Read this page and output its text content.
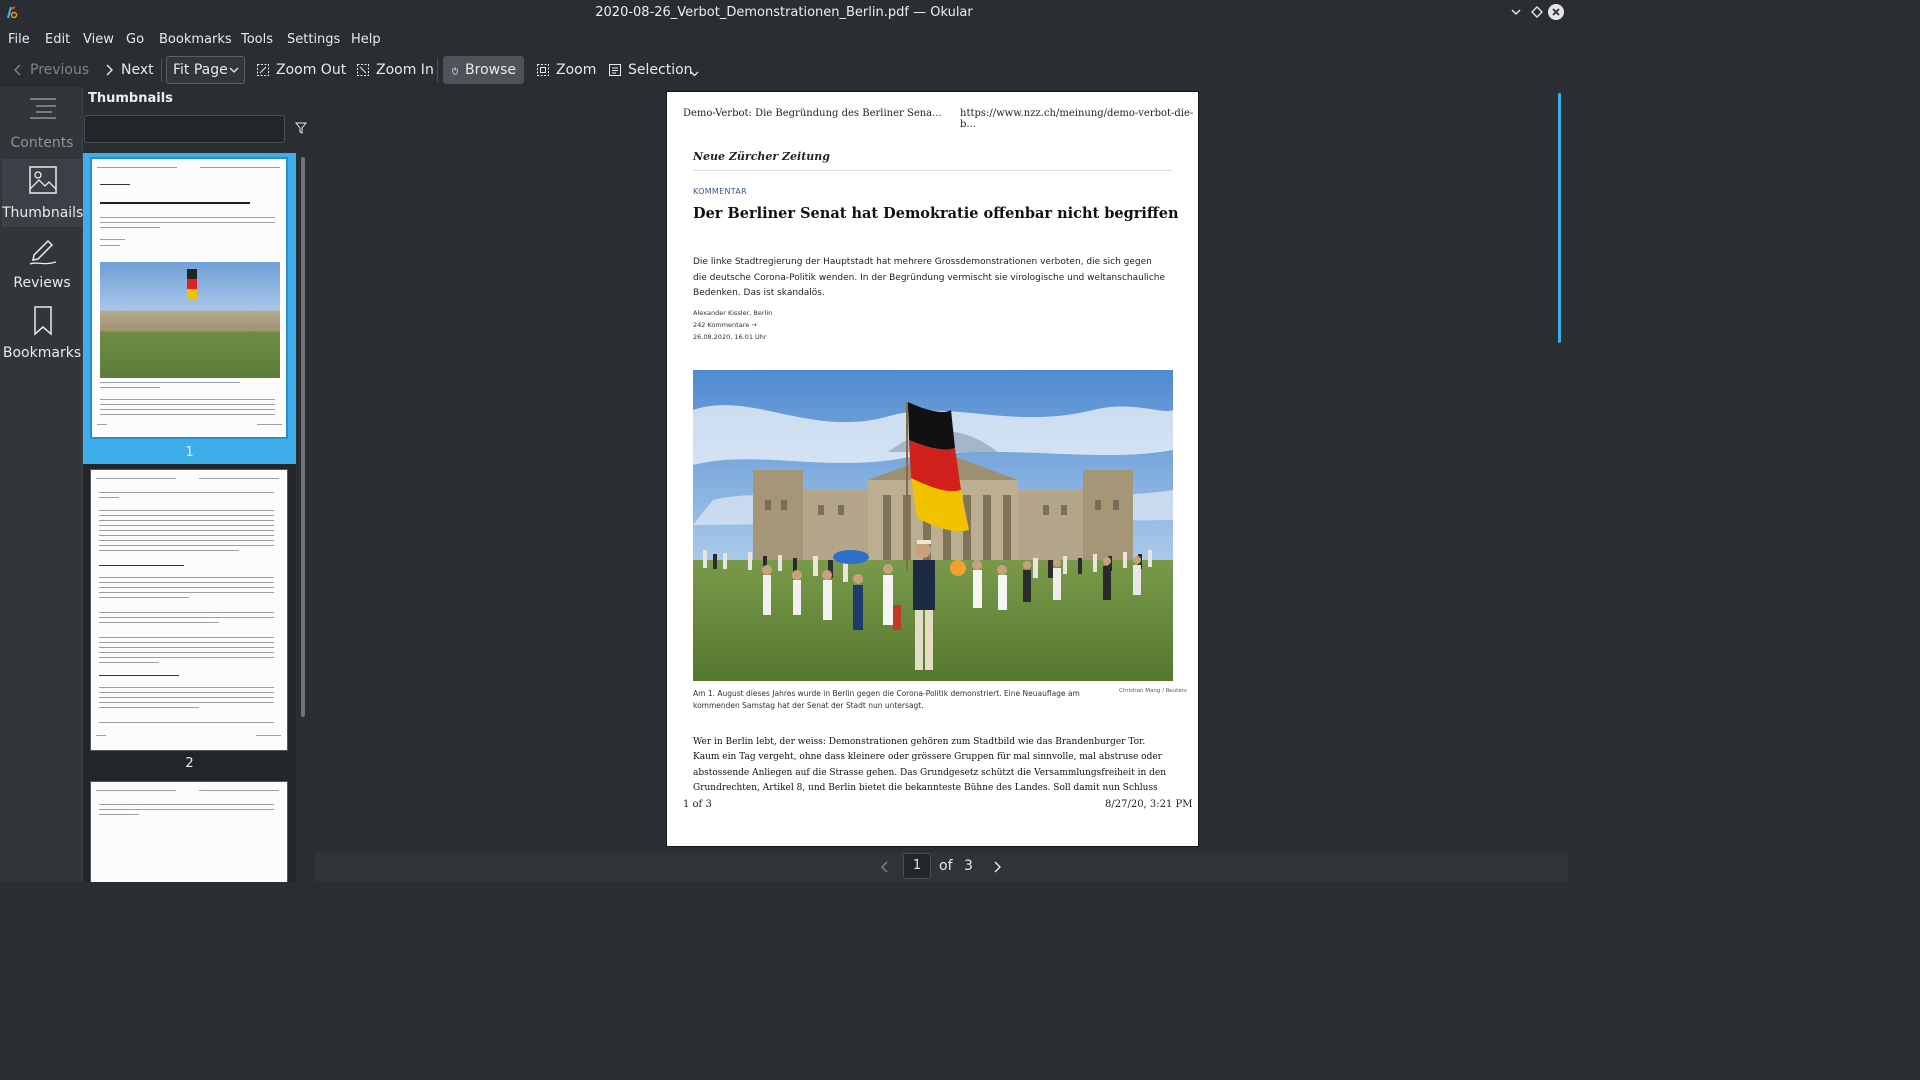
2020-08-26_Verbot_Demonstrationen_Berlin.pdf — Okular
File Edit View Go Bookmarks Tools Settings Help
Previous Next Fit Page	Zoom Out Zoom In Browse	Zoom Selection
Contents
Thumbnails
Reviews
Bookmarks
Thumbnails
1
2
Demo-Verbot: Die Begründung des Berliner Sena... https://www.nzz.ch/meinung/demo-verbot-die-b...
Neue Zürcher Zeitung
KOMMENTAR
Der Berliner Senat hat Demokratie offenbar nicht begriffen
Die linke Stadtregierung der Hauptstadt hat mehrere Grossdemonstrationen verboten, die sich gegen die deutsche Corona-Politik wenden. In der Begründung vermischt sie virologische und weltanschauliche Bedenken. Das ist skandalös.
Alexander Kissler, Berlin
242 Kommentare →
26.08.2020, 16.01 Uhr
Am 1. August dieses Jahres wurde in Berlin gegen die Corona-Politik demonstriert. Eine Neuauflage am kommenden Samstag hat der Senat der Stadt nun untersagt.
Christian Mang / Reuters
Wer in Berlin lebt, der weiss: Demonstrationen gehören zum Stadtbild wie das Brandenburger Tor. Kaum ein Tag vergeht, ohne dass kleinere oder grössere Gruppen für mal sinnvolle, mal abstruse oder abstossende Anliegen auf die Strasse gehen. Das Grundgesetz schützt die Versammlungsfreiheit in den Grundrechten, Artikel 8, und Berlin bietet die bekannteste Bühne des Landes. Soll damit nun Schluss
1 of 3	8/27/20, 3:21 PM
1	of 3
